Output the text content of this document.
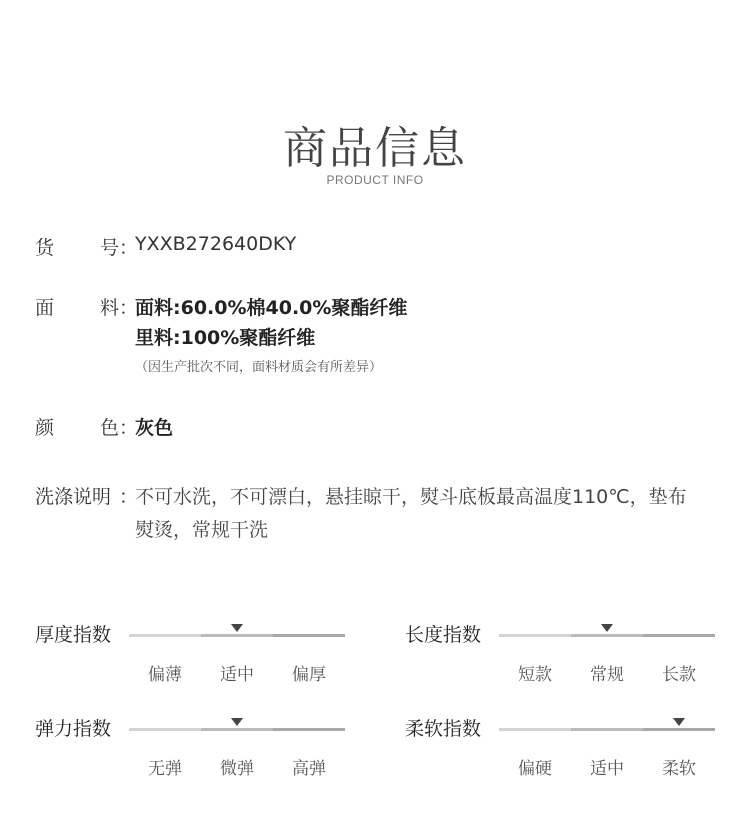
商品信息
PRODUCT INFO
货 号 ：
YXXB272640DKY
面 料 ：
面料:60.0%棉40.0%聚酯纤维
里料:100%聚酯纤维
（因生产批次不同，面料材质会有所差异）
颜 色 ：
灰色
洗涤说明 ：
不可水洗，不可漂白，悬挂晾干，熨斗底板最高温度110℃，垫布
熨烫，常规干洗
厚度指数
偏薄	适中	偏厚
长度指数
短款	常规	长款
弹力指数
无弹	微弹	高弹
柔软指数
偏硬	适中	柔软
